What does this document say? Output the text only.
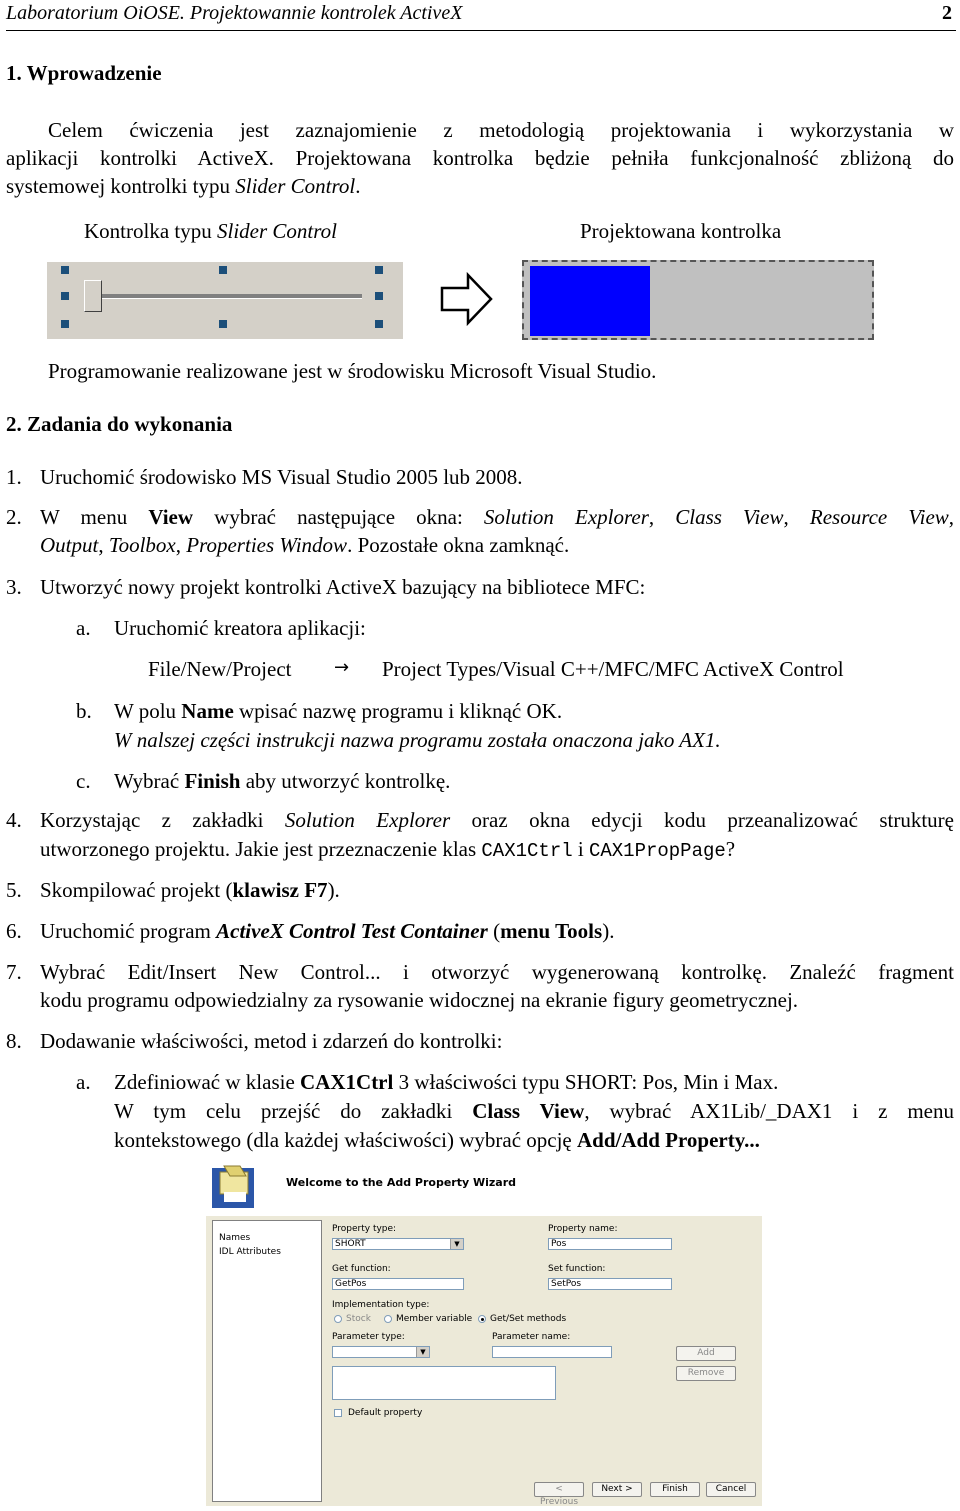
Laboratorium OiOSE. Projektowannie kontrolek ActiveX	2
1. Wprowadzenie
Celem ćwiczenia jest zaznajomienie z metodologią projektowania i wykorzystania w
aplikacji kontrolki ActiveX. Projektowana kontrolka będzie pełniła funkcjonalność zbliżoną do
systemowej kontrolki typu Slider Control.
Kontrolka typu Slider Control	Projektowana kontrolka
Programowanie realizowane jest w środowisku Microsoft Visual Studio.
2. Zadania do wykonania
1. Uruchomić środowisko MS Visual Studio 2005 lub 2008.
2. W menu View wybrać następujące okna: Solution Explorer, Class View, Resource View,
Output, Toolbox, Properties Window. Pozostałe okna zamknąć.
3. Utworzyć nowy projekt kontrolki ActiveX bazujący na bibliotece MFC:
a. Uruchomić kreatora aplikacji:
File/New/Project → Project Types/Visual C++/MFC/MFC ActiveX Control
b. W polu Name wpisać nazwę programu i kliknąć OK.
W nalszej części instrukcji nazwa programu została onaczona jako AX1.
c. Wybrać Finish aby utworzyć kontrolkę.
4. Korzystając z zakładki Solution Explorer oraz okna edycji kodu przeanalizować strukturę
utworzonego projektu. Jakie jest przeznaczenie klas CAX1Ctrl i CAX1PropPage?
5. Skompilować projekt (klawisz F7).
6. Uruchomić program ActiveX Control Test Container (menu Tools).
7. Wybrać Edit/Insert New Control... i otworzyć wygenerowaną kontrolkę. Znaleźć fragment
kodu programu odpowiedzialny za rysowanie widocznej na ekranie figury geometrycznej.
8. Dodawanie właściwości, metod i zdarzeń do kontrolki:
a. Zdefiniować w klasie CAX1Ctrl 3 właściwości typu SHORT: Pos, Min i Max.
W tym celu przejść do zakładki Class View, wybrać AX1Lib/_DAX1 i z menu
kontekstowego (dla każdej właściwości) wybrać opcję Add/Add Property...
Welcome to the Add Property Wizard
Names
IDL Attributes
Property type:
SHORT	▼
Property name:
Pos
Get function:
GetPos
Set function:
SetPos
Implementation type:
Stock	Member variable Get/Set methods
Parameter type:
▼
Parameter name:
Add
Remove
Default property
< Previous
Next >	Finish	Cancel
